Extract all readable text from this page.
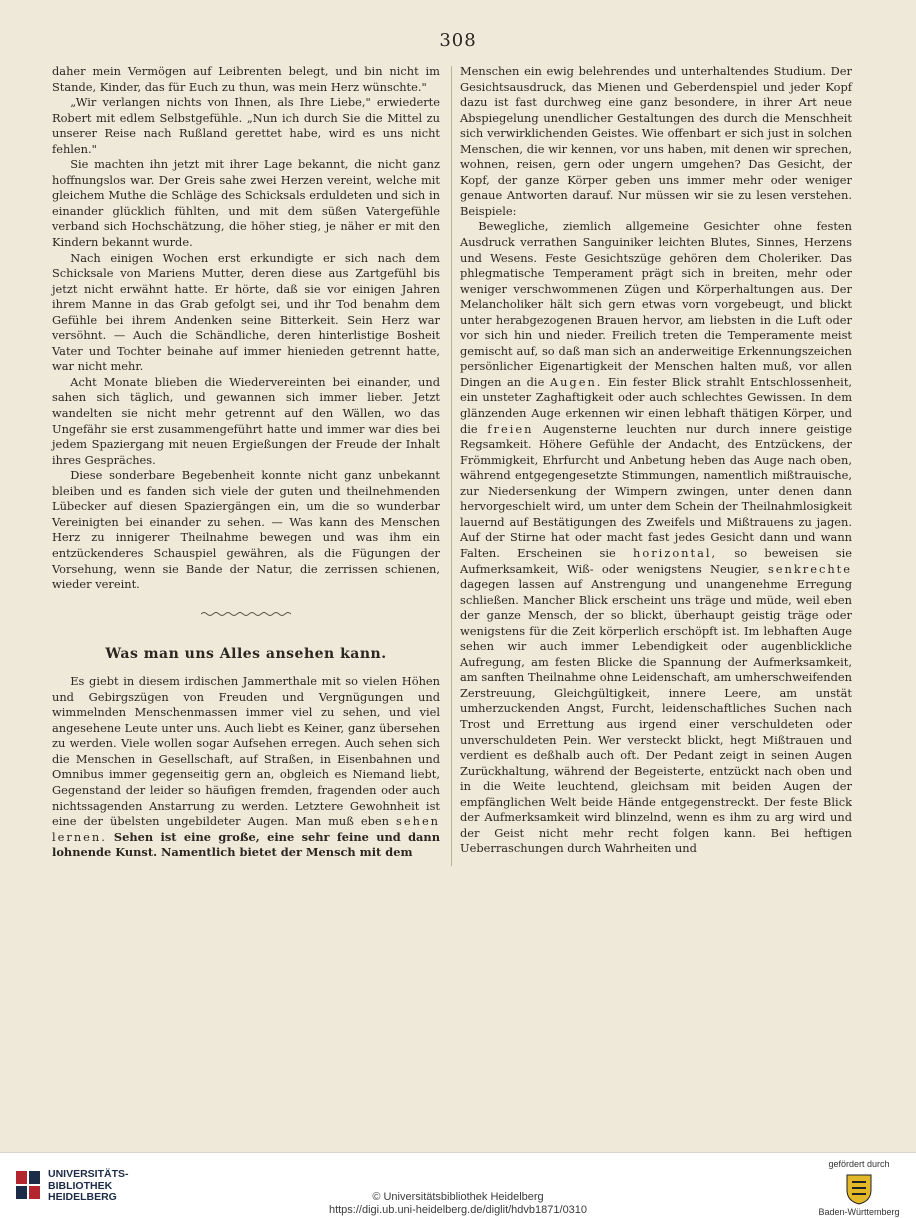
308

daher mein Vermögen auf Leibrenten belegt, und bin nicht im Stande, Kinder, das für Euch zu thun, was mein Herz wünschte."

„Wir verlangen nichts von Ihnen, als Ihre Liebe," erwiederte Robert mit edlem Selbstgefühle. „Nun ich durch Sie die Mittel zu unserer Reise nach Rußland gerettet habe, wird es uns nicht fehlen."

Sie machten ihn jetzt mit ihrer Lage bekannt, die nicht ganz hoffnungslos war. Der Greis sahe zwei Herzen vereint, welche mit gleichem Muthe die Schläge des Schicksals erduldeten und sich in einander glücklich fühlten, und mit dem süßen Vatergefühle verband sich Hochschätzung, die höher stieg, je näher er mit den Kindern bekannt wurde.

Nach einigen Wochen erst erkundigte er sich nach dem Schicksale von Mariens Mutter, deren diese aus Zartgefühl bis jetzt nicht erwähnt hatte. Er hörte, daß sie vor einigen Jahren ihrem Manne in das Grab gefolgt sei, und ihr Tod benahm dem Gefühle bei ihrem Andenken seine Bitterkeit. Sein Herz war versöhnt. — Auch die Schändliche, deren hinterlistige Bosheit Vater und Tochter beinahe auf immer hienieden getrennt hatte, war nicht mehr.

Acht Monate blieben die Wiedervereinten bei einander, und sahen sich täglich, und gewannen sich immer lieber. Jetzt wandelten sie nicht mehr getrennt auf den Wällen, wo das Ungefähr sie erst zusammengeführt hatte und immer war dies bei jedem Spaziergang mit neuen Ergießungen der Freude der Inhalt ihres Gespräches.

Diese sonderbare Begebenheit konnte nicht ganz unbekannt bleiben und es fanden sich viele der guten und theilnehmenden Lübecker auf diesen Spaziergängen ein, um die so wunderbar Vereinigten bei einander zu sehen. — Was kann des Menschen Herz zu innigerer Theilnahme bewegen und was ihm ein entzückenderes Schauspiel gewähren, als die Fügungen der Vorsehung, wenn sie Bande der Natur, die zerrissen schienen, wieder vereint.

Was man uns Alles ansehen kann.

Es giebt in diesem irdischen Jammerthale mit so vielen Höhen und Gebirgszügen von Freuden und Vergnügungen und wimmelnden Menschenmassen immer viel zu sehen, und viel angesehene Leute unter uns. Auch liebt es Keiner, ganz übersehen zu werden. Viele wollen sogar Aufsehen erregen. Auch sehen sich die Menschen in Gesellschaft, auf Straßen, in Eisenbahnen und Omnibus immer gegenseitig gern an, obgleich es Niemand liebt, Gegenstand der leider so häufigen fremden, fragenden oder auch nichtssagenden Anstarrung zu werden. Letztere Gewohnheit ist eine der übelsten ungebildeter Augen. Man muß eben sehen lernen. Sehen ist eine große, eine sehr feine und dann lohnende Kunst. Namentlich bietet der Mensch mit dem

Menschen ein ewig belehrendes und unterhaltendes Studium. Der Gesichtsausdruck, das Mienen und Geberdenspiel und jeder Kopf dazu ist fast durchweg eine ganz besondere, in ihrer Art neue Abspiegelung unendlicher Gestaltungen des durch die Menschheit sich verwirklichenden Geistes. Wie offenbart er sich just in solchen Menschen, die wir kennen, vor uns haben, mit denen wir sprechen, wohnen, reisen, gern oder ungern umgehen? Das Gesicht, der Kopf, der ganze Körper geben uns immer mehr oder weniger genaue Antworten darauf. Nur müssen wir sie zu lesen verstehen. Beispiele:

Bewegliche, ziemlich allgemeine Gesichter ohne festen Ausdruck verrathen Sanguiniker leichten Blutes, Sinnes, Herzens und Wesens. Feste Gesichtszüge gehören dem Choleriker. Das phlegmatische Temperament prägt sich in breiten, mehr oder weniger verschwommenen Zügen und Körperhaltungen aus. Der Melancholiker hält sich gern etwas vorn vorgebeugt, und blickt unter herabgezogenen Brauen hervor, am liebsten in die Luft oder vor sich hin und nieder. Freilich treten die Temperamente meist gemischt auf, so daß man sich an anderweitige Erkennungszeichen persönlicher Eigenartigkeit der Menschen halten muß, vor allen Dingen an die Augen. Ein fester Blick strahlt Entschlossenheit, ein unsteter Zaghaftigkeit oder auch schlechtes Gewissen. In dem glänzenden Auge erkennen wir einen lebhaft thätigen Körper, und die freien Augensterne leuchten nur durch innere geistige Regsamkeit. Höhere Gefühle der Andacht, des Entzückens, der Frömmigkeit, Ehrfurcht und Anbetung heben das Auge nach oben, während entgegengesetzte Stimmungen, namentlich mißtrauische, zur Niedersenkung der Wimpern zwingen, unter denen dann hervorgeschielt wird, um unter dem Schein der Theilnahmlosigkeit lauernd auf Bestätigungen des Zweifels und Mißtrauens zu jagen. Auf der Stirne hat oder macht fast jedes Gesicht dann und wann Falten. Erscheinen sie horizontal, so beweisen sie Aufmerksamkeit, Wiß- oder wenigstens Neugier, senkrechte dagegen lassen auf Anstrengung und unangenehme Erregung schließen. Mancher Blick erscheint uns träge und müde, weil eben der ganze Mensch, der so blickt, überhaupt geistig träge oder wenigstens für die Zeit körperlich erschöpft ist. Im lebhaften Auge sehen wir auch immer Lebendigkeit oder augenblickliche Aufregung, am festen Blicke die Spannung der Aufmerksamkeit, am sanften Theilnahme ohne Leidenschaft, am umherschweifenden Zerstreuung, Gleichgültigkeit, innere Leere, am unstät umherzuckenden Angst, Furcht, leidenschaftliches Suchen nach Trost und Errettung aus irgend einer verschuldeten oder unverschuldeten Pein. Wer versteckt blickt, hegt Mißtrauen und verdient es deßhalb auch oft. Der Pedant zeigt in seinen Augen Zurückhaltung, während der Begeisterte, entzückt nach oben und in die Weite leuchtend, gleichsam mit beiden Augen der empfänglichen Welt beide Hände entgegenstreckt. Der feste Blick der Aufmerksamkeit wird blinzelnd, wenn es ihm zu arg wird und der Geist nicht mehr recht folgen kann. Bei heftigen Ueberraschungen durch Wahrheiten und

UNIVERSITÄTS-
BIBLIOTHEK
HEIDELBERG	© Universitätsbibliothek Heidelberg
https://digi.ub.uni-heidelberg.de/diglit/hdvb1871/0310
gefördert durch
Baden-Württemberg
